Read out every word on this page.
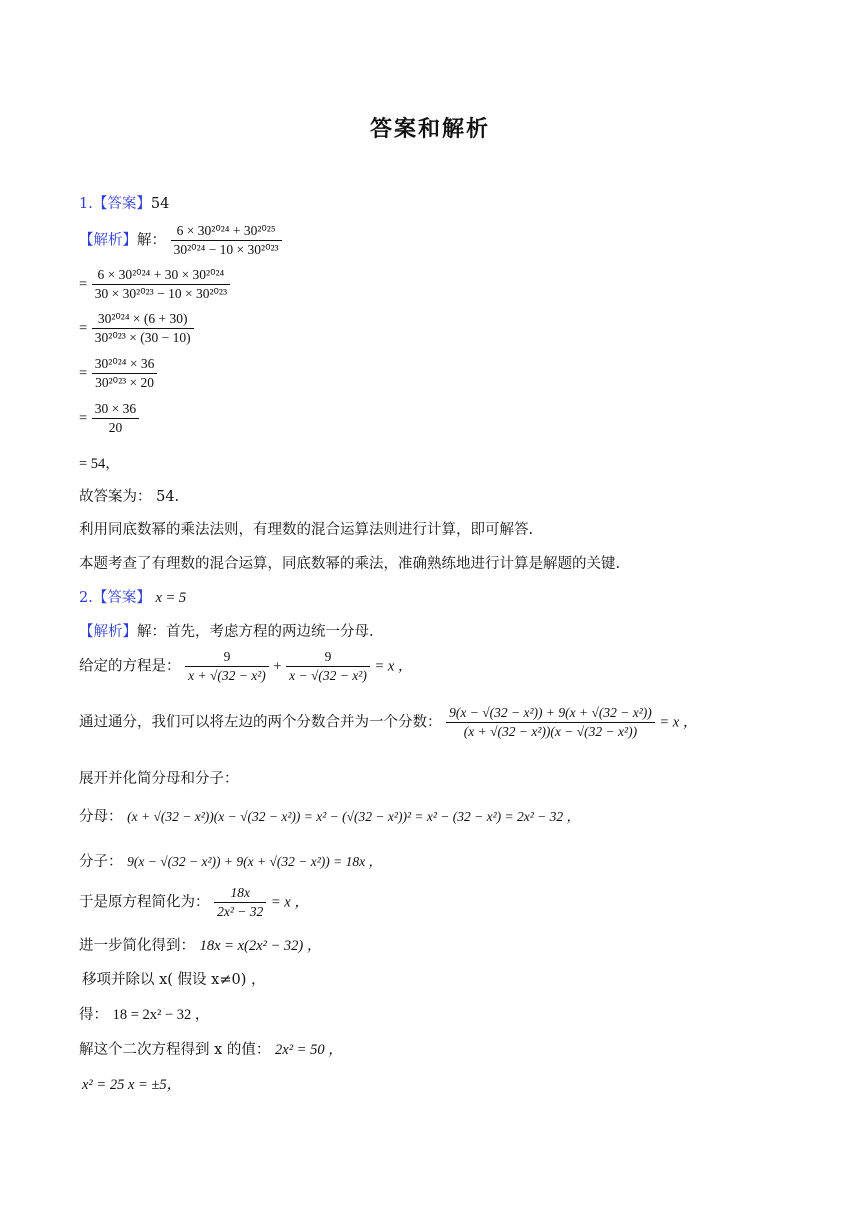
答案和解析
1.【答案】54
【解析】解： $\frac{\text{6 × 30²⁰²⁴ + 30²⁰²⁵}}{\text{30²⁰²⁴ − 10 × 30²⁰²³}}$
= $\frac{\text{6 × 30²⁰²⁴ + 30 × 30²⁰²⁴}}{\text{30 × 30²⁰²³ − 10 × 30²⁰²³}}$
= $\frac{\text{30²⁰²⁴ × (6 + 30)}}{\text{30²⁰²³ × (30 − 10)}}$
= $\frac{\text{30²⁰²⁴ × 36}}{\text{30²⁰²³ × 20}}$
= $\frac{30 \times 36}{20}$
= 54，
故答案为： 54.
利用同底数幂的乘法法则，有理数的混合运算法则进行计算，即可解答.
本题考查了有理数的混合运算，同底数幂的乘法，准确熟练地进行计算是解题的关键.
2.【答案】 x = 5
【解析】解：首先，考虑方程的两边统一分母.
给定的方程是： $\frac{9}{\text{x + √(32 − x²)}} + \frac{9}{\text{x − √(32 − x²)}} = x$ ，
通过通分，我们可以将左边的两个分数合并为一个分数： $\frac{\text{9(x − √(32 − x²)) + 9(x + √(32 − x²))}}{\text{(x + √(32 − x²))(x − √(32 − x²))}} = x$ ，
展开并化简分母和分子：
分母： (x + √(32 − x²))(x − √(32 − x²)) = x² − (√(32 − x²))² = x² − (32 − x²) = 2x² − 32 ，
分子： 9(x − √(32 − x²)) + 9(x + √(32 − x²)) = 18x ，
于是原方程简化为： $\frac{18x}{\text{2x² − 32}} = x$ ，
进一步简化得到： 18x = x(2x² − 32) ，
移项并除以 x( 假设 x≠0) ，
得： 18 = 2x² − 32 ，
解这个二次方程得到 x 的值： 2x² = 50 ，
x² = 25 x = ±5，
